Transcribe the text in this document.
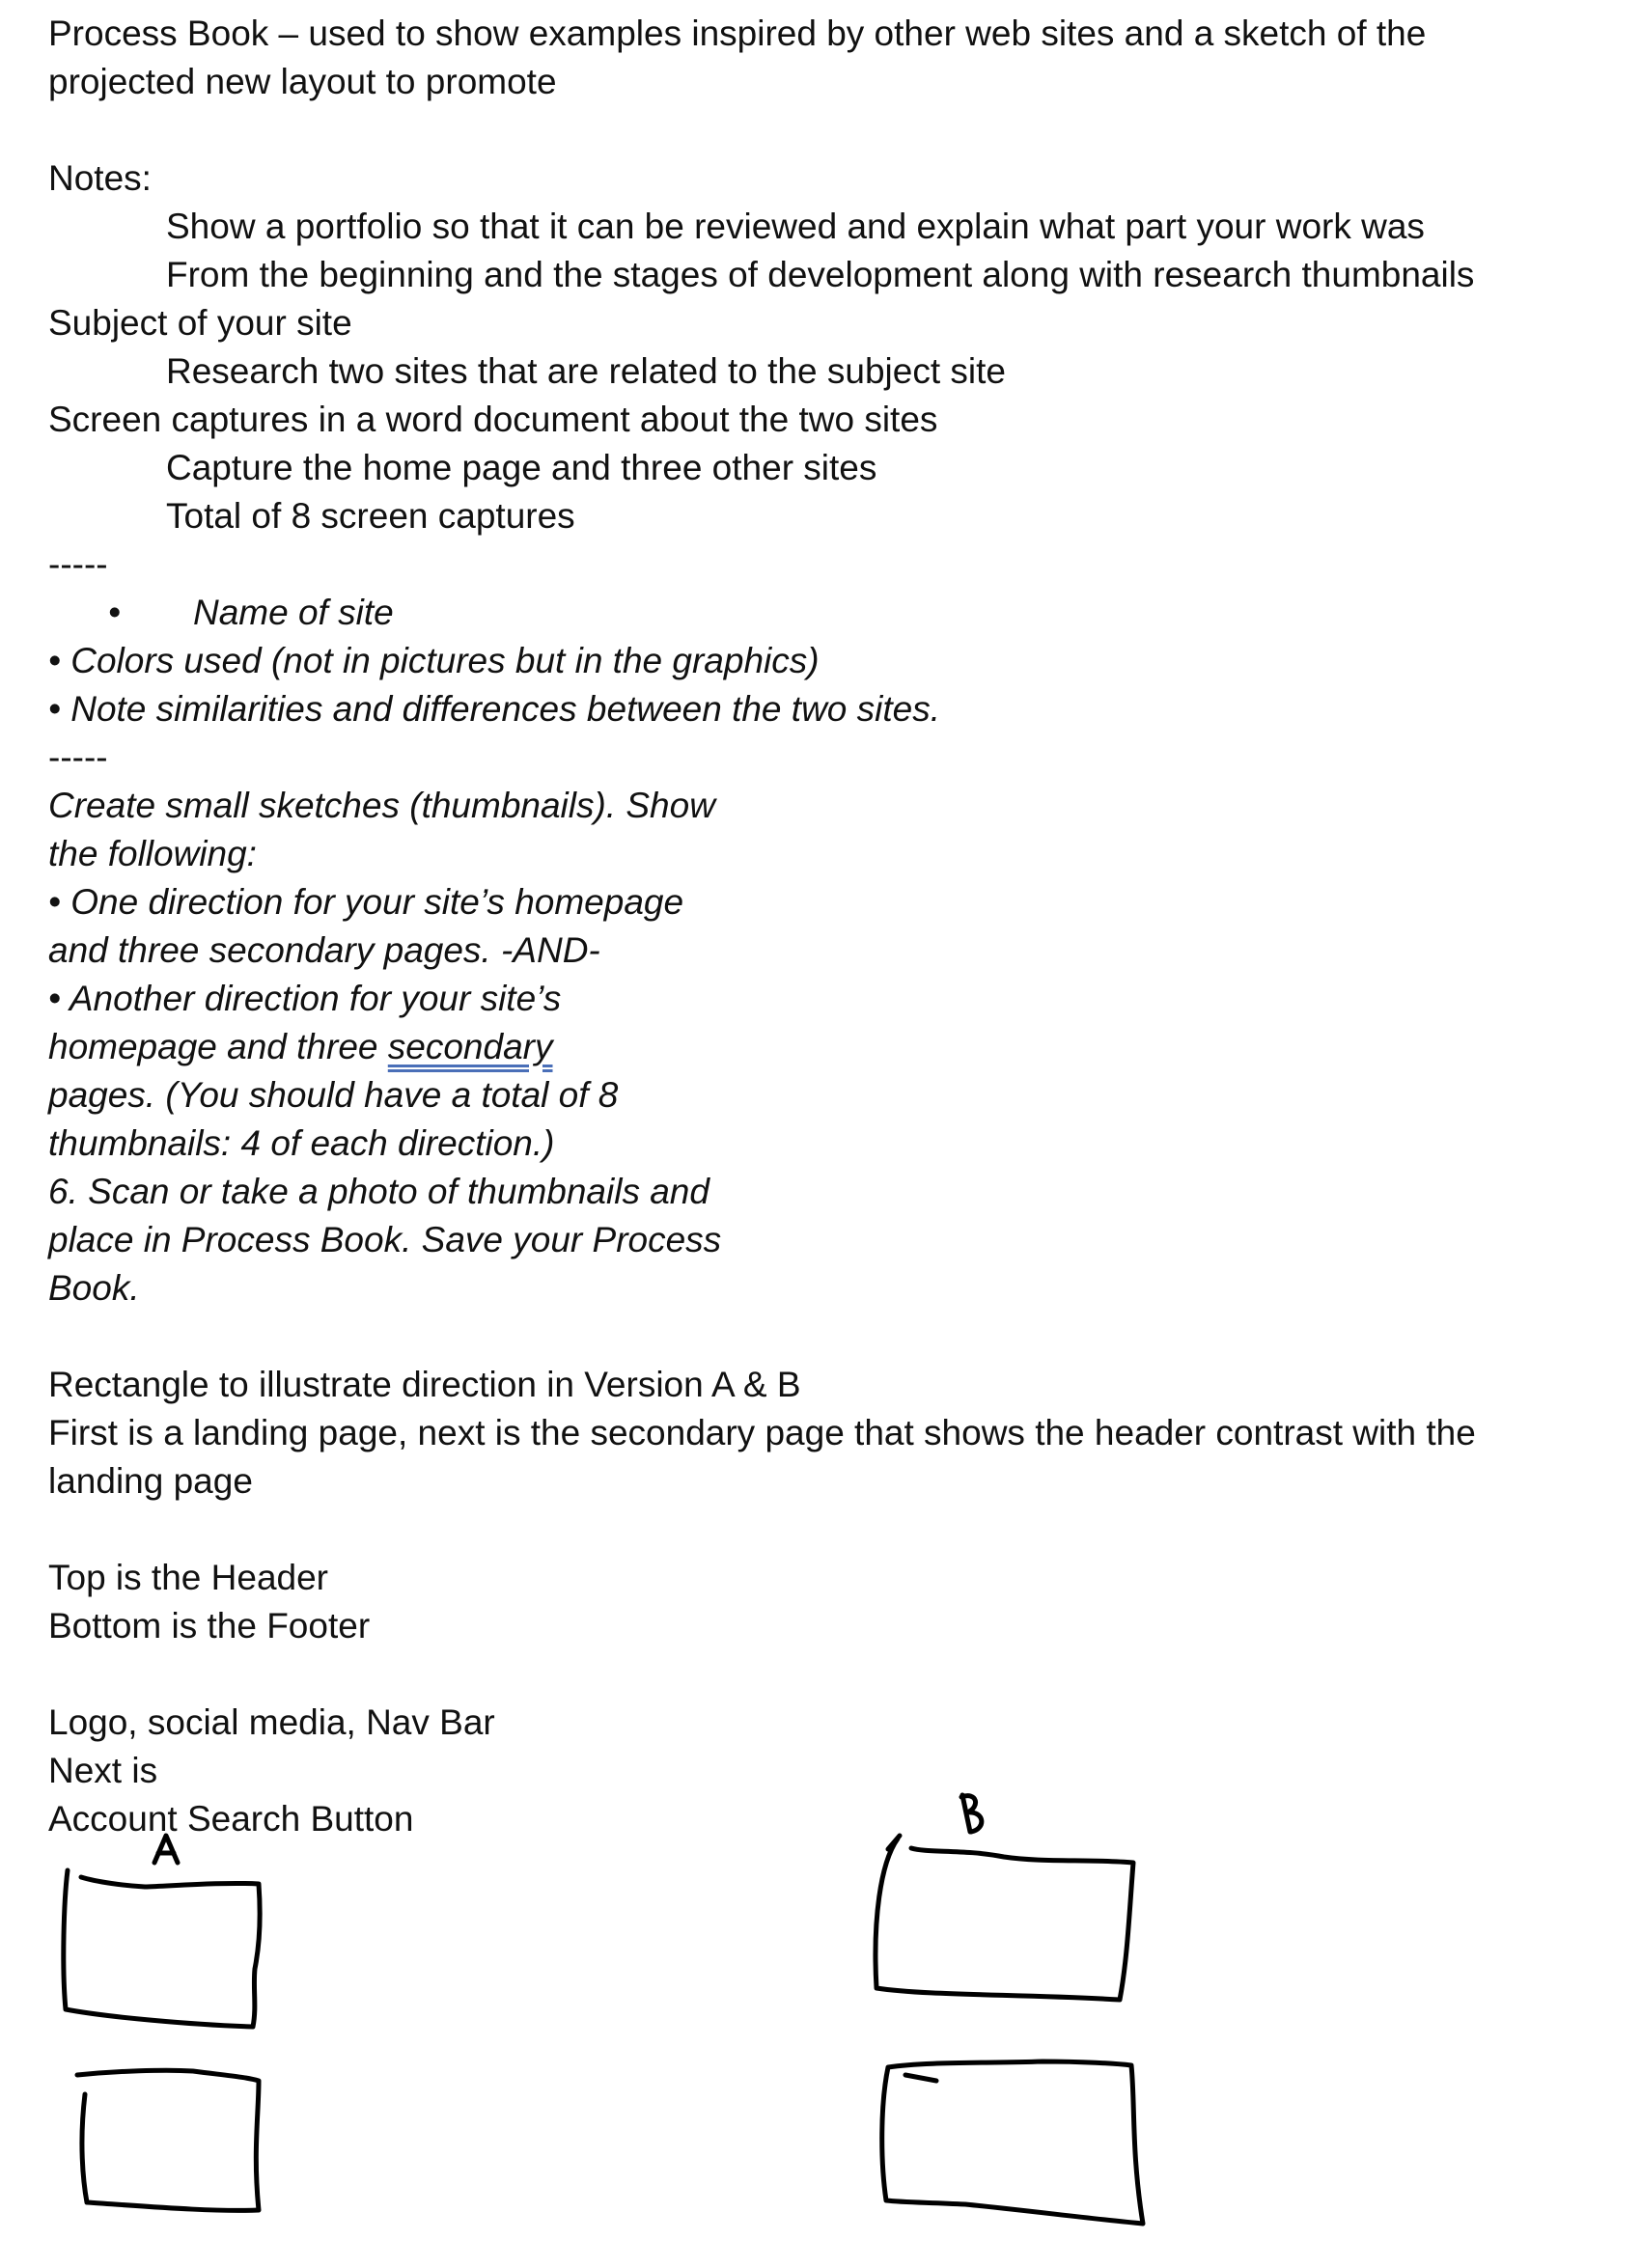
Process Book – used to show examples inspired by other web sites and a sketch of the
projected new layout to promote
Notes:
Show a portfolio so that it can be reviewed and explain what part your work was
From the beginning and the stages of development along with research thumbnails
Subject of your site
Research two sites that are related to the subject site
Screen captures in a word document about the two sites
Capture the home page and three other sites
Total of 8 screen captures
-----
• Name of site
• Colors used (not in pictures but in the graphics)
• Note similarities and differences between the two sites.
-----
Create small sketches (thumbnails). Show
the following:
• One direction for your site’s homepage
and three secondary pages. -AND-
• Another direction for your site’s
homepage and three secondary
pages. (You should have a total of 8
thumbnails: 4 of each direction.)
6. Scan or take a photo of thumbnails and
place in Process Book. Save your Process
Book.
Rectangle to illustrate direction in Version A & B
First is a landing page, next is the secondary page that shows the header contrast with the
landing page
Top is the Header
Bottom is the Footer
Logo, social media, Nav Bar
Next is
Account Search Button
